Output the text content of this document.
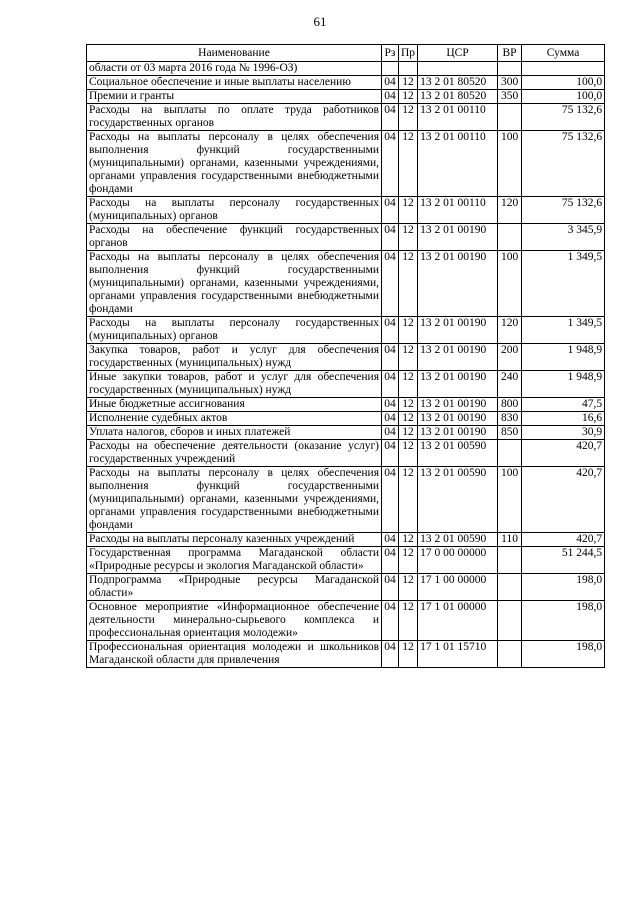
61
Наименование	Рз	Пр	ЦСР	ВР	Сумма
области от 03 марта 2016 года № 1996-ОЗ)					
Социальное обеспечение и иные выплаты населению	04	12	13 2 01 80520	300	100,0
Премии и гранты	04	12	13 2 01 80520	350	100,0
Расходы на выплаты по оплате труда работников государственных органов	04	12	13 2 01 00110		75 132,6
Расходы на выплаты персоналу в целях обеспечения выполнения функций государственными (муниципальными) органами, казенными учреждениями, органами управления государственными внебюджетными фондами	04	12	13 2 01 00110	100	75 132,6
Расходы на выплаты персоналу государственных (муниципальных) органов	04	12	13 2 01 00110	120	75 132,6
Расходы на обеспечение функций государственных органов	04	12	13 2 01 00190		3 345,9
Расходы на выплаты персоналу в целях обеспечения выполнения функций государственными (муниципальными) органами, казенными учреждениями, органами управления государственными внебюджетными фондами	04	12	13 2 01 00190	100	1 349,5
Расходы на выплаты персоналу государственных (муниципальных) органов	04	12	13 2 01 00190	120	1 349,5
Закупка товаров, работ и услуг для обеспечения государственных (муниципальных) нужд	04	12	13 2 01 00190	200	1 948,9
Иные закупки товаров, работ и услуг для обеспечения государственных (муниципальных) нужд	04	12	13 2 01 00190	240	1 948,9
Иные бюджетные ассигнования	04	12	13 2 01 00190	800	47,5
Исполнение судебных актов	04	12	13 2 01 00190	830	16,6
Уплата налогов, сборов и иных платежей	04	12	13 2 01 00190	850	30,9
Расходы на обеспечение деятельности (оказание услуг) государственных учреждений	04	12	13 2 01 00590		420,7
Расходы на выплаты персоналу в целях обеспечения выполнения функций государственными (муниципальными) органами, казенными учреждениями, органами управления государственными внебюджетными фондами	04	12	13 2 01 00590	100	420,7
Расходы на выплаты персоналу казенных учреждений	04	12	13 2 01 00590	110	420,7
Государственная программа Магаданской области «Природные ресурсы и экология Магаданской области»	04	12	17 0 00 00000		51 244,5
Подпрограмма «Природные ресурсы Магаданской области»	04	12	17 1 00 00000		198,0
Основное мероприятие «Информационное обеспечение деятельности минерально-сырьевого комплекса и профессиональная ориентация молодежи»	04	12	17 1 01 00000		198,0
Профессиональная ориентация молодежи и школьников Магаданской области для привлечения	04	12	17 1 01 15710		198,0
